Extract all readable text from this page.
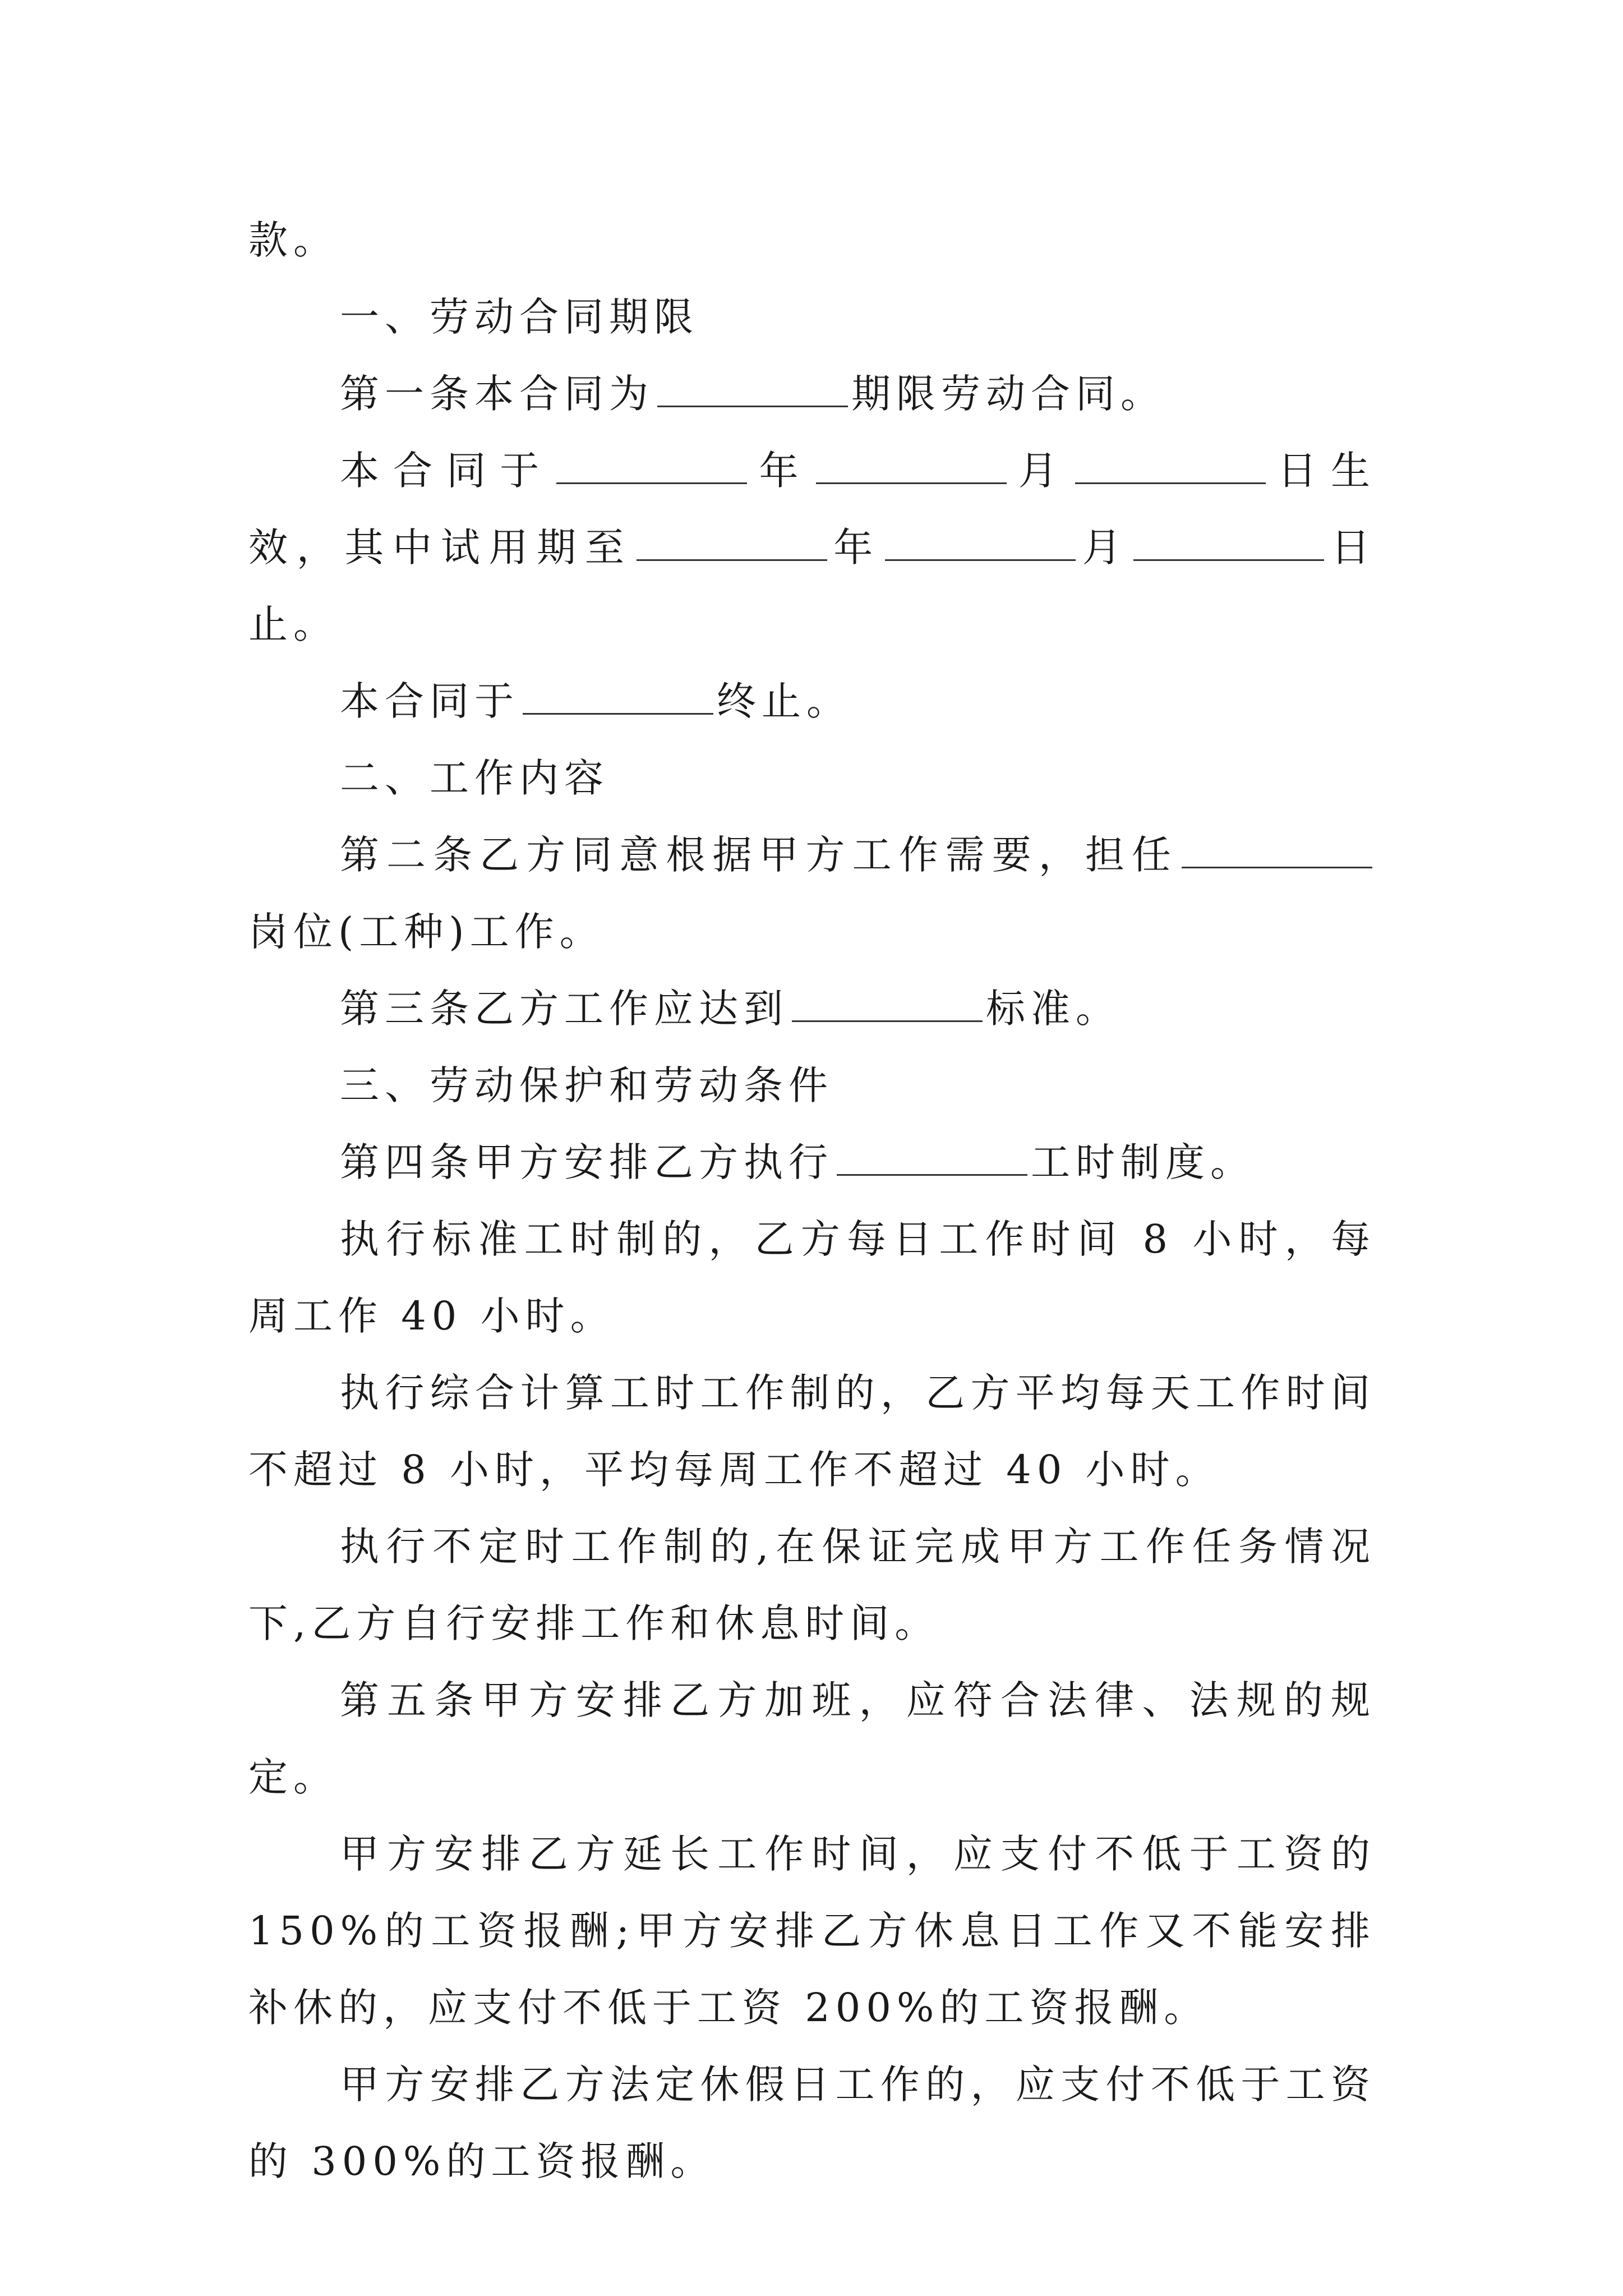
款。

一、劳动合同期限

第一条本合同为	期限劳动合同。

本合同于	年	月	日生效，其中试用期至	年	月	日止。

本合同于	终止。

二、工作内容

第二条乙方同意根据甲方工作需要，担任岗位(工种)工作。

第三条乙方工作应达到	标准。

三、劳动保护和劳动条件

第四条甲方安排乙方执行	工时制度。

执行标准工时制的，乙方每日工作时间 8 小时，每周工作 40 小时。

执行综合计算工时工作制的，乙方平均每天工作时间不超过 8 小时，平均每周工作不超过 40 小时。

执行不定时工作制的,在保证完成甲方工作任务情况下,乙方自行安排工作和休息时间。

第五条甲方安排乙方加班，应符合法律、法规的规定。

甲方安排乙方延长工作时间，应支付不低于工资的 150%的工资报酬;甲方安排乙方休息日工作又不能安排补休的，应支付不低于工资 200%的工资报酬。

甲方安排乙方法定休假日工作的，应支付不低于工资的 300%的工资报酬。
